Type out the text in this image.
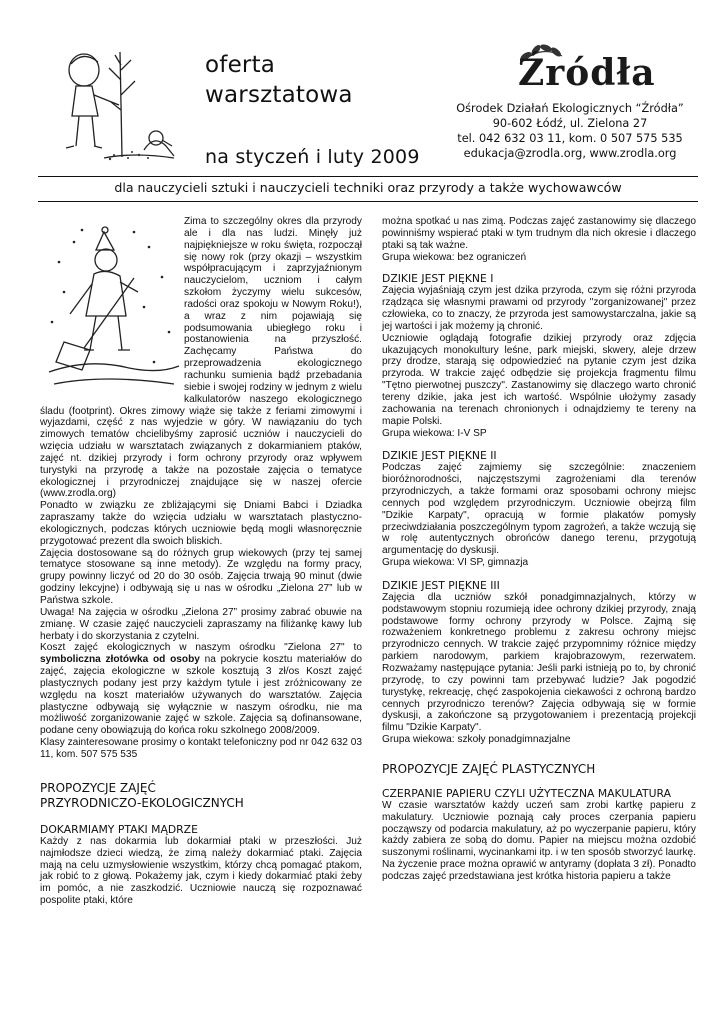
oferta
warsztatowa
na styczeń i luty 2009
Źródła
Ośrodek Działań Ekologicznych “Źródła”
90-602 Łódź, ul. Zielona 27
tel. 042 632 03 11, kom. 0 507 575 535
edukacja@zrodla.org, www.zrodla.org
dla nauczycieli sztuki i nauczycieli techniki oraz przyrody a także wychowawców

Zima to szczególny okres dla przyrody ale i dla nas ludzi. Minęły już najpiękniejsze w roku święta, rozpoczął się nowy rok (przy okazji – wszystkim współpracującym i zaprzyjaźnionym nauczycielom, uczniom i całym szkołom życzymy wielu sukcesów, radości oraz spokoju w Nowym Roku!), a wraz z nim pojawiają się podsumowania ubiegłego roku i postanowienia na przyszłość. Zachęcamy Państwa do przeprowadzenia ekologicznego rachunku sumienia bądź przebadania siebie i swojej rodziny w jednym z wielu kalkulatorów naszego ekologicznego śladu (footprint). Okres zimowy wiąże się także z feriami zimowymi i wyjazdami, część z nas wyjedzie w góry. W nawiązaniu do tych zimowych tematów chcielibyśmy zaprosić uczniów i nauczycieli do wzięcia udziału w warsztatach związanych z dokarmianiem ptaków, zajęć nt. dzikiej przyrody i form ochrony przyrody oraz wpływem turystyki na przyrodę a także na pozostałe zajęcia o tematyce ekologicznej i przyrodniczej znajdujące się w naszej ofercie (www.zrodla.org)

Ponadto w związku ze zbliżającymi się Dniami Babci i Dziadka zapraszamy także do wzięcia udziału w warsztatach plastyczno-ekologicznych, podczas których uczniowie będą mogli własnoręcznie przygotować prezent dla swoich bliskich.

Zajęcia dostosowane są do różnych grup wiekowych (przy tej samej tematyce stosowane są inne metody). Ze względu na formy pracy, grupy powinny liczyć od 20 do 30 osób. Zajęcia trwają 90 minut (dwie godziny lekcyjne) i odbywają się u nas w ośrodku „Zielona 27” lub w Państwa szkole.

Uwaga! Na zajęcia w ośrodku „Zielona 27” prosimy zabrać obuwie na zmianę. W czasie zajęć nauczycieli zapraszamy na filiżankę kawy lub herbaty i do skorzystania z czytelni.

Koszt zajęć ekologicznych w naszym ośrodku "Zielona 27" to symboliczna złotówka od osoby na pokrycie kosztu materiałów do zajęć, zajęcia ekologiczne w szkole kosztują 3 zł/os Koszt zajęć plastycznych podany jest przy każdym tytule i jest zróżnicowany ze względu na koszt materiałów używanych do warsztatów. Zajęcia plastyczne odbywają się wyłącznie w naszym ośrodku, nie ma możliwość zorganizowanie zajęć w szkole. Zajęcia są dofinansowane, podane ceny obowiązują do końca roku szkolnego 2008/2009.

Klasy zainteresowane prosimy o kontakt telefoniczny pod nr 042 632 03 11, kom. 507 575 535

PROPOZYCJE ZAJĘĆ

PRZYRODNICZO-EKOLOGICZNYCH

DOKARMIAMY PTAKI MĄDRZE

Każdy z nas dokarmia lub dokarmiał ptaki w przeszłości. Już najmłodsze dzieci wiedzą, że zimą należy dokarmiać ptaki. Zajęcia mają na celu uzmysłowienie wszystkim, którzy chcą pomagać ptakom, jak robić to z głową. Pokażemy jak, czym i kiedy dokarmiać ptaki żeby im pomóc, a nie zaszkodzić. Uczniowie nauczą się rozpoznawać pospolite ptaki, które

można spotkać u nas zimą. Podczas zajęć zastanowimy się dlaczego powinniśmy wspierać ptaki w tym trudnym dla nich okresie i dlaczego ptaki są tak ważne.

Grupa wiekowa: bez ograniczeń

DZIKIE JEST PIĘKNE I

Zajęcia wyjaśniają czym jest dzika przyroda, czym się różni przyroda rządząca się własnymi prawami od przyrody "zorganizowanej" przez człowieka, co to znaczy, że przyroda jest samowystarczalna, jakie są jej wartości i jak możemy ją chronić.

Uczniowie oglądają fotografie dzikiej przyrody oraz zdjęcia ukazujących monokultury leśne, park miejski, skwery, aleje drzew przy drodze, starają się odpowiedzieć na pytanie czym jest dzika przyroda. W trakcie zajęć odbędzie się projekcja fragmentu filmu "Tętno pierwotnej puszczy". Zastanowimy się dlaczego warto chronić tereny dzikie, jaka jest ich wartość. Wspólnie ułożymy zasady zachowania na terenach chronionych i odnajdziemy te tereny na mapie Polski.

Grupa wiekowa: I-V SP

DZIKIE JEST PIĘKNE II

Podczas zajęć zajmiemy się szczególnie: znaczeniem bioróżnorodności, najczęstszymi zagrożeniami dla terenów przyrodniczych, a także formami oraz sposobami ochrony miejsc cennych pod względem przyrodniczym. Uczniowie obejrzą film "Dzikie Karpaty", opracują w formie plakatów pomysły przeciwdziałania poszczególnym typom zagrożeń, a także wczują się w rolę autentycznych obrońców danego terenu, przygotują argumentację do dyskusji.

Grupa wiekowa: VI SP, gimnazja

DZIKIE JEST PIĘKNE III

Zajęcia dla uczniów szkół ponadgimnazjalnych, którzy w podstawowym stopniu rozumieją idee ochrony dzikiej przyrody, znają podstawowe formy ochrony przyrody w Polsce. Zajmą się rozważeniem konkretnego problemu z zakresu ochrony miejsc przyrodniczo cennych. W trakcie zajęć przypomnimy różnice między parkiem narodowym, parkiem krajobrazowym, rezerwatem. Rozważamy następujące pytania: Jeśli parki istnieją po to, by chronić przyrodę, to czy powinni tam przebywać ludzie? Jak pogodzić turystykę, rekreację, chęć zaspokojenia ciekawości z ochroną bardzo cennych przyrodniczo terenów? Zajęcia odbywają się w formie dyskusji, a zakończone są przygotowaniem i prezentacją projekcji filmu "Dzikie Karpaty".

Grupa wiekowa: szkoły ponadgimnazjalne

PROPOZYCJE ZAJĘĆ PLASTYCZNYCH

CZERPANIE PAPIERU CZYLI UŻYTECZNA MAKULATURA

W czasie warsztatów każdy uczeń sam zrobi kartkę papieru z makulatury. Uczniowie poznają cały proces czerpania papieru począwszy od podarcia makulatury, aż po wyczerpanie papieru, który każdy zabiera ze sobą do domu. Papier na miejscu można ozdobić suszonymi roślinami, wycinankami itp. i w ten sposób stworzyć laurkę. Na życzenie prace można oprawić w antyramy (dopłata 3 zł). Ponadto podczas zajęć przedstawiana jest krótka historia papieru a także
